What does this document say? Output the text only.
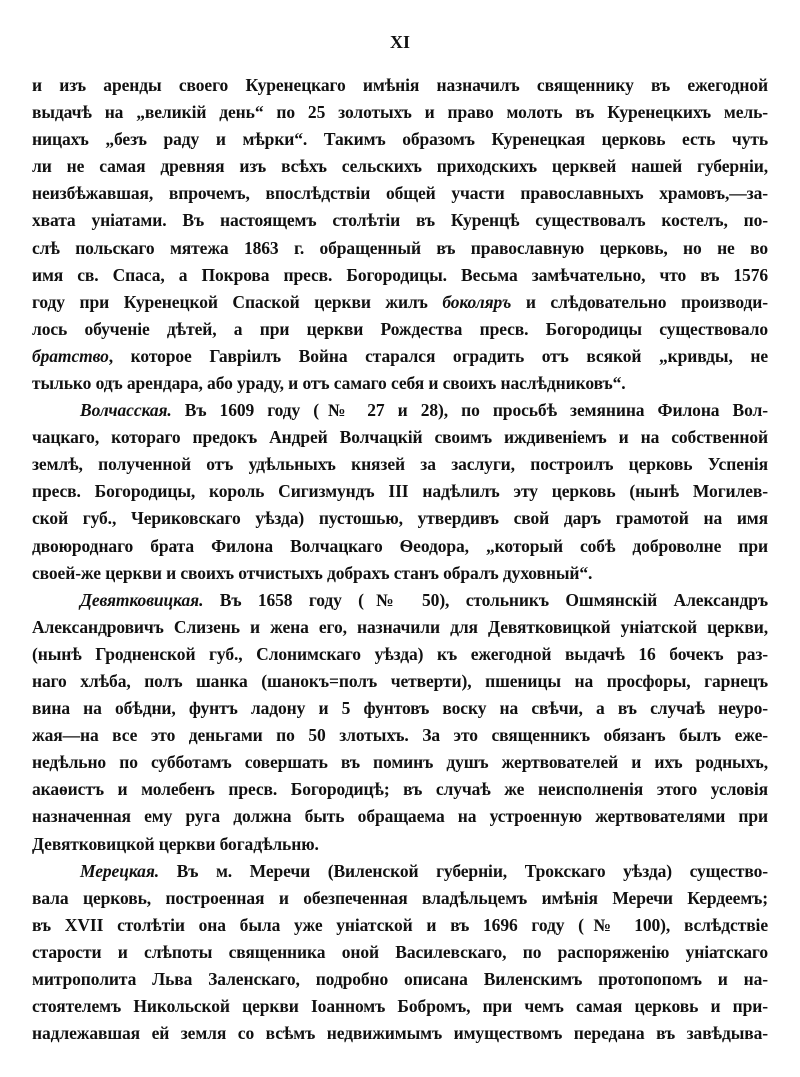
XI
и изъ аренды своего Куренецкаго имѣнія назначилъ священнику въ ежегодной
выдачѣ на „великій день“ по 25 золотыхъ и право молоть въ Куренецкихъ мель-
ницахъ „безъ раду и мѣрки“. Такимъ образомъ Куренецкая церковь есть чуть
ли не самая древняя изъ всѣхъ сельскихъ приходскихъ церквей нашей губерніи,
неизбѣжавшая, впрочемъ, впослѣдствіи общей участи православныхъ храмовъ,—за-
хвата уніатами. Въ настоящемъ столѣтіи въ Куренцѣ существовалъ костелъ, по-
слѣ польскаго мятежа 1863 г. обращенный въ православную церковь, но не во
имя св. Спаса, а Покрова пресв. Богородицы. Весьма замѣчательно, что въ 1576
году при Куренецкой Спаской церкви жилъ боколяръ и слѣдовательно производи-
лось обученіе дѣтей, а при церкви Рождества пресв. Богородицы существовало
братство, которое Гавріилъ Война старался оградить отъ всякой „кривды, не
тылько одъ арендара, або ураду, и отъ самаго себя и своихъ наслѣдниковъ“.
Волчасская. Въ 1609 году (№ 27 и 28), по просьбѣ земянина Филона Вол-
чацкаго, котораго предокъ Андрей Волчацкій своимъ иждивеніемъ и на собственной
землѣ, полученной отъ удѣльныхъ князей за заслуги, построилъ церковь Успенія
пресв. Богородицы, король Сигизмундъ III надѣлилъ эту церковь (нынѣ Могилев-
ской губ., Чериковскаго уѣзда) пустошью, утвердивъ свой даръ грамотой на имя
двоюроднаго брата Филона Волчацкаго Ѳеодора, „который собѣ доброволне при
своей-же церкви и своихъ отчистыхъ добрахъ станъ обралъ духовный“.
Девятковицкая. Въ 1658 году (№ 50), стольникъ Ошмянскій Александръ
Александровичъ Слизень и жена его, назначили для Девятковицкой уніатской церкви,
(нынѣ Гродненской губ., Слонимскаго уѣзда) къ ежегодной выдачѣ 16 бочекъ раз-
наго хлѣба, полъ шанка (шанокъ=полъ четверти), пшеницы на просфоры, гарнецъ
вина на обѣдни, фунтъ ладону и 5 фунтовъ воску на свѣчи, а въ случаѣ неуро-
жая—на все это деньгами по 50 злотыхъ. За это священникъ обязанъ былъ еже-
недѣльно по субботамъ совершать въ поминъ душъ жертвователей и ихъ родныхъ,
акаѳистъ и молебенъ пресв. Богородицѣ; въ случаѣ же неисполненія этого условія
назначенная ему руга должна быть обращаема на устроенную жертвователями при
Девятковицкой церкви богадѣльню.
Мерецкая. Въ м. Меречи (Виленской губерніи, Трокскаго уѣзда) существо-
вала церковь, построенная и обезпеченная владѣльцемъ имѣнія Меречи Кердеемъ;
въ XVII столѣтіи она была уже уніатской и въ 1696 году (№ 100), вслѣдствіе
старости и слѣпоты священника оной Василевскаго, по распоряженію уніатскаго
митрополита Льва Заленскаго, подробно описана Виленскимъ протопопомъ и на-
стоятелемъ Никольской церкви Іоанномъ Бобромъ, при чемъ самая церковь и при-
надлежавшая ей земля со всѣмъ недвижимымъ имуществомъ передана въ завѣдыва-
